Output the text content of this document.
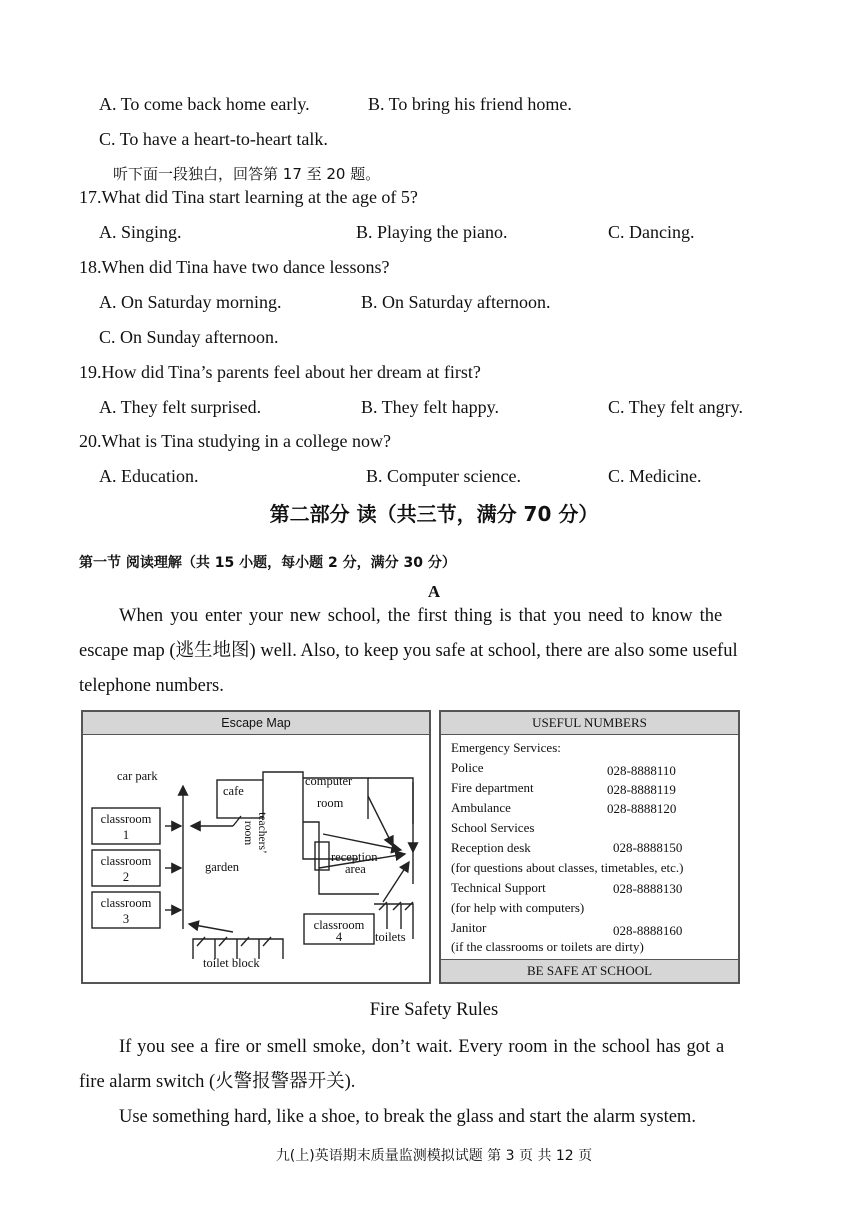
A. To come back home early.	B. To bring his friend home.
C. To have a heart-to-heart talk.
听下面一段独白，回答第 17 至 20 题。
17.What did Tina start learning at the age of 5?
A. Singing.	B. Playing the piano.	C. Dancing.
18.When did Tina have two dance lessons?
A. On Saturday morning.	B. On Saturday afternoon.
C. On Sunday afternoon.
19.How did Tina’s parents feel about her dream at first?
A. They felt surprised.	B. They felt happy.	C. They felt angry.
20.What is Tina studying in a college now?
A. Education.	B. Computer science.	C. Medicine.
第二部分 读（共三节，满分 70 分）
第一节 阅读理解（共 15 小题，每小题 2 分，满分 30 分）
A
When you enter your new school, the first thing is that you need to know the
escape map (逃生地图) well. Also, to keep you safe at school, there are also some useful
telephone numbers.
Escape Map
car park
cafe
teachers’ room
computer
room
classroom
1
classroom
2
classroom
3
garden
reception
area
classroom
4	toilets
toilet block
USEFUL NUMBERS
Emergency Services:
Police	028-8888110
Fire department	028-8888119
Ambulance	028-8888120
School Services
Reception desk	028-8888150
(for questions about classes, timetables, etc.)
Technical Support	028-8888130
(for help with computers)
Janitor	028-8888160
(if the classrooms or toilets are dirty)
BE SAFE AT SCHOOL
Fire Safety Rules
If you see a fire or smell smoke, don’t wait. Every room in the school has got a
fire alarm switch (火警报警器开关).
Use something hard, like a shoe, to break the glass and start the alarm system.
九(上)英语期末质量监测模拟试题 第 3 页 共 12 页
